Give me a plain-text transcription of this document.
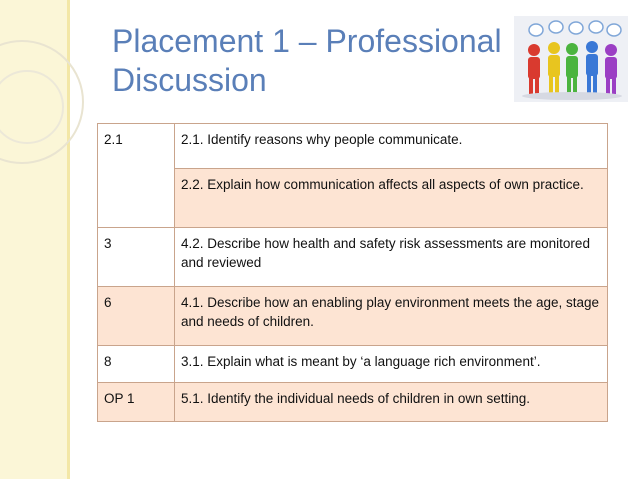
Placement 1 – Professional
Discussion
2.1	2.1. Identify reasons why people communicate.
	2.2. Explain how communication affects all aspects of own practice.
3	4.2. Describe how health and safety risk assessments are monitored and reviewed
6	4.1. Describe how an enabling play environment meets the age, stage and needs of children.
8	3.1. Explain what is meant by ‘a language rich environment’.
OP 1	5.1. Identify the individual needs of children in own setting.
